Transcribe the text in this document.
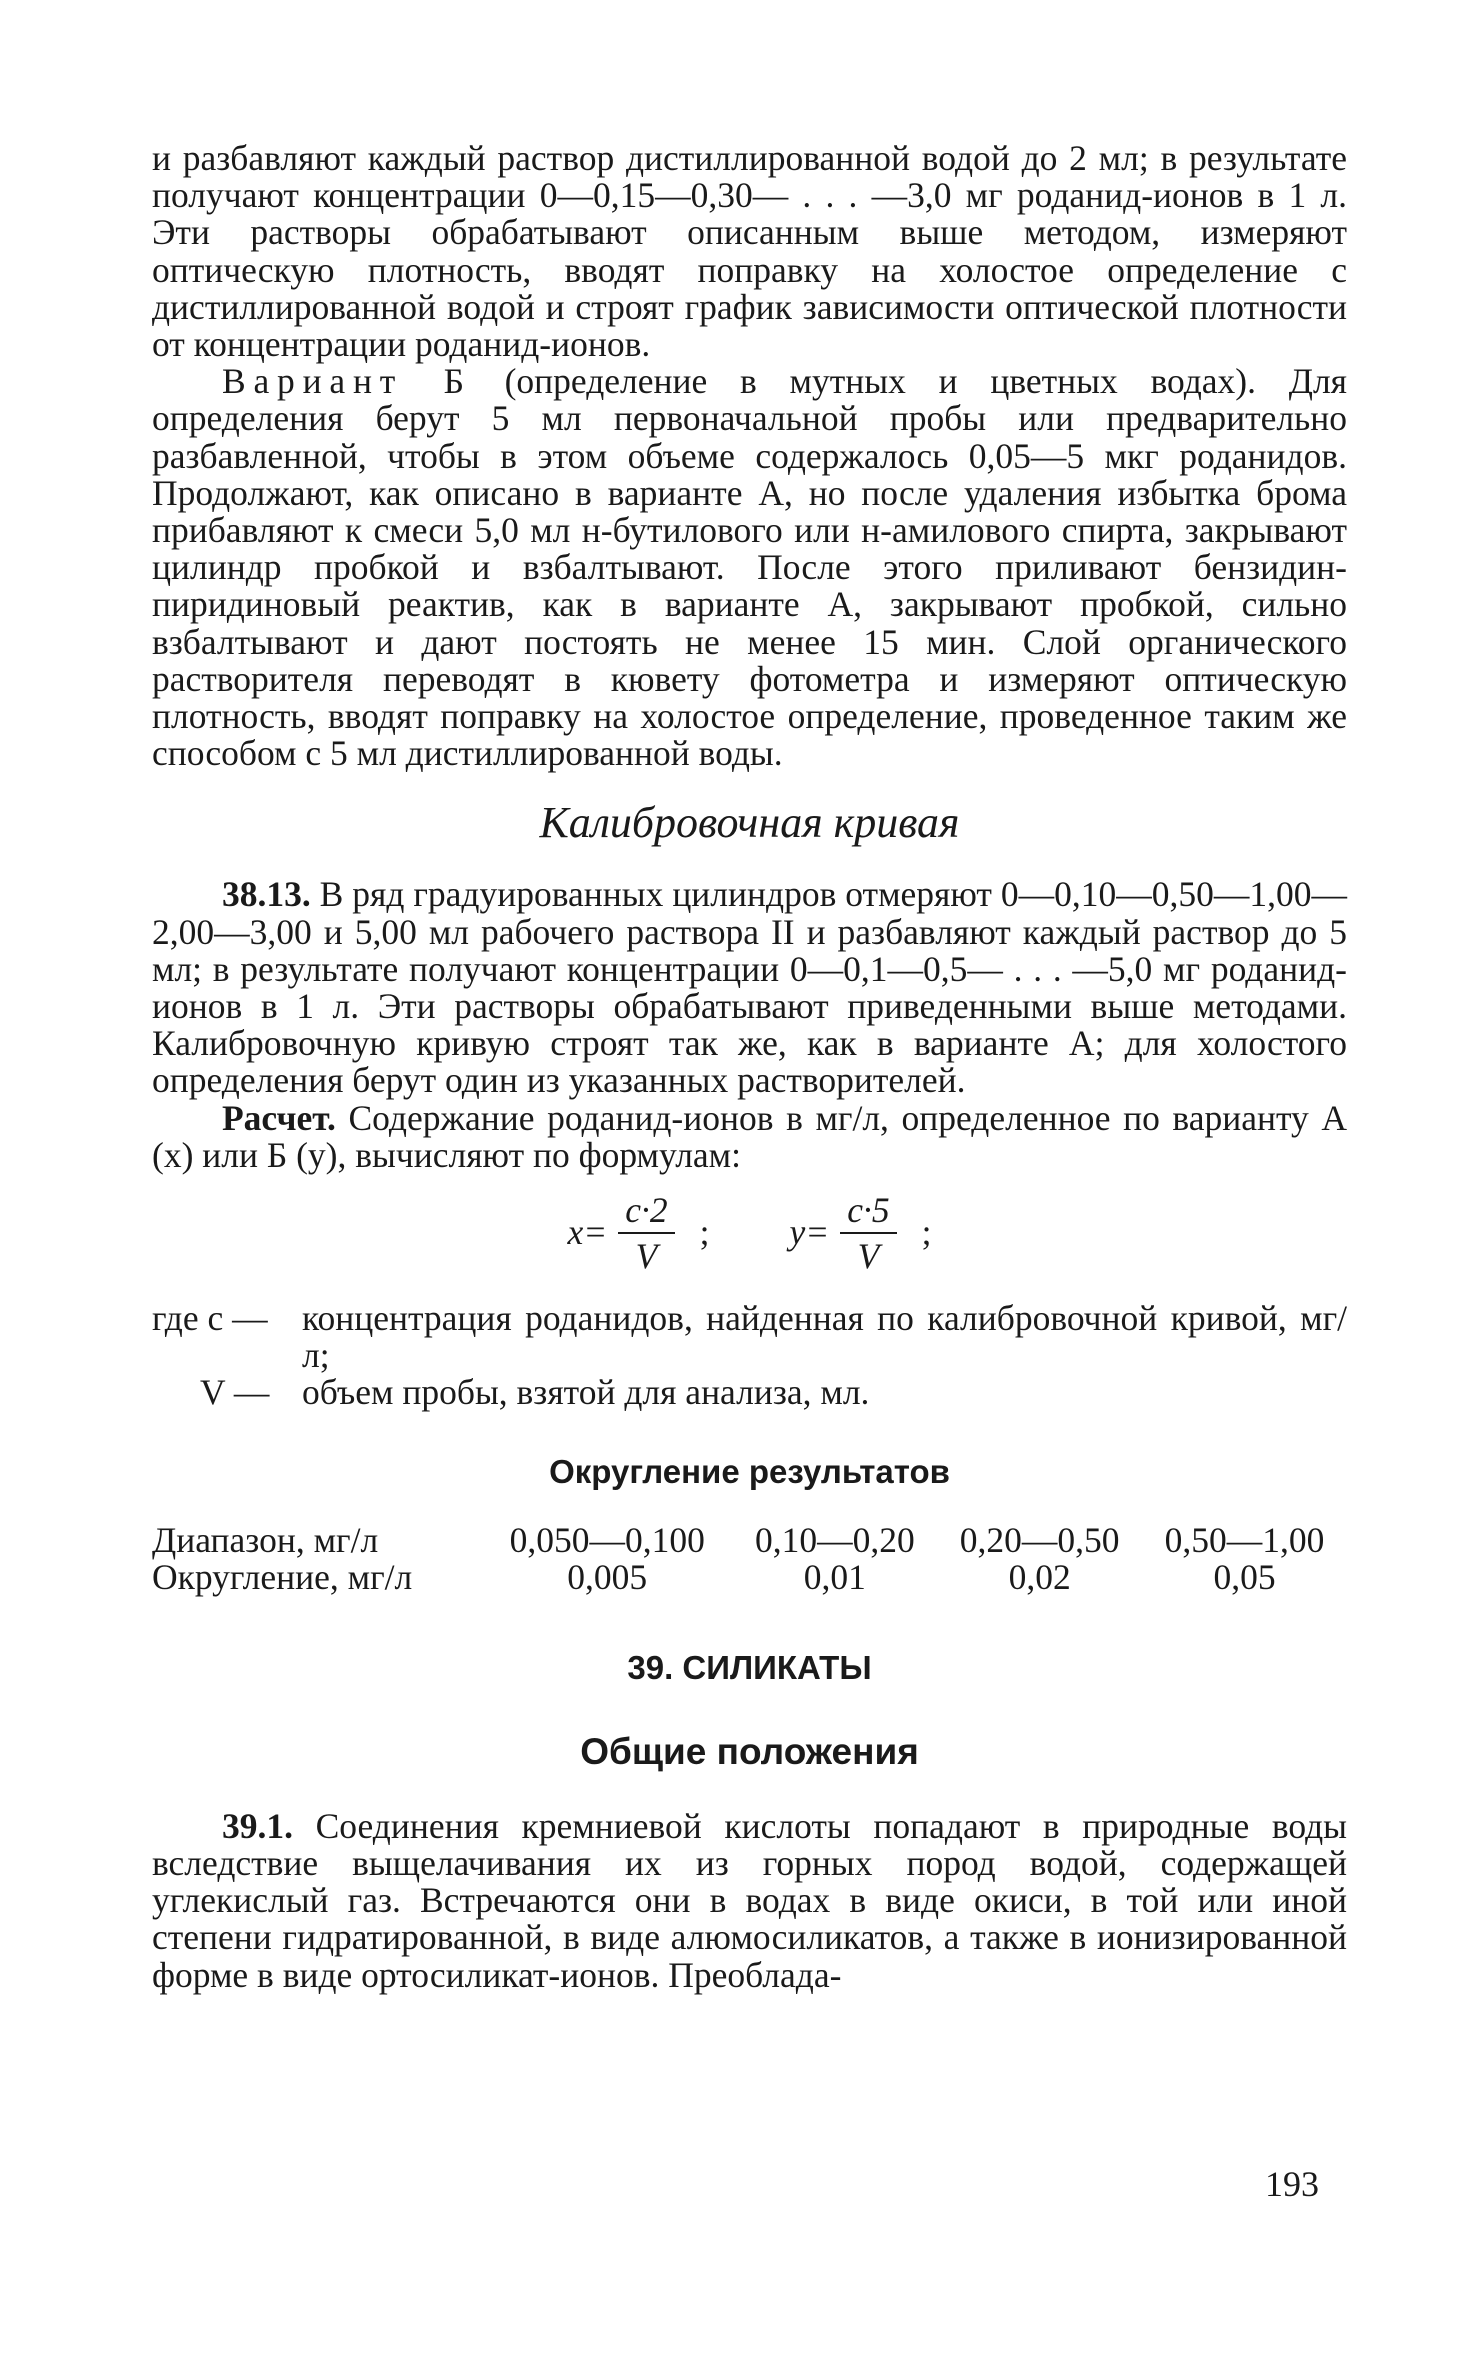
и разбавляют каждый раствор дистиллированной водой до 2 мл; в результате получают концентрации 0—0,15—0,30— . . . —3,0 мг роданид-ионов в 1 л. Эти растворы обрабатывают описанным выше методом, измеряют оптическую плотность, вводят поправку на холостое определение с дистиллированной водой и строят график зависимости оптической плотности от концентрации роданид-ионов.

Вариант Б (определение в мутных и цветных водах). Для определения берут 5 мл первоначальной пробы или предварительно разбавленной, чтобы в этом объеме содержалось 0,05—5 мкг роданидов. Продолжают, как описано в варианте А, но после удаления избытка брома прибавляют к смеси 5,0 мл н-бутилового или н-амилового спирта, закрывают цилиндр пробкой и взбалтывают. После этого приливают бензидин-пиридиновый реактив, как в варианте А, закрывают пробкой, сильно взбалтывают и дают постоять не менее 15 мин. Слой органического растворителя переводят в кювету фотометра и измеряют оптическую плотность, вводят поправку на холостое определение, проведенное таким же способом с 5 мл дистиллированной воды.

Калибровочная кривая

38.13. В ряд градуированных цилиндров отмеряют 0—0,10—0,50—1,00—2,00—3,00 и 5,00 мл рабочего раствора II и разбавляют каждый раствор до 5 мл; в результате получают концентрации 0—0,1—0,5— . . . —5,0 мг роданид-ионов в 1 л. Эти растворы обрабатывают приведенными выше методами. Калибровочную кривую строят так же, как в варианте А; для холостого определения берут один из указанных растворителей.

Расчет. Содержание роданид-ионов в мг/л, определенное по варианту А (x) или Б (y), вычисляют по формулам:

$x= \frac{c\cdot 2}{V}$ ; $y= \frac{c\cdot 5}{V}$ ;
где c — концентрация роданидов, найденная по калибровочной кривой, мг/л;
V — объем пробы, взятой для анализа, мл.
Округление результатов
Диапазон, мг/л	0,050—0,100	0,10—0,20	0,20—0,50	0,50—1,00
Округление, мг/л	0,005	0,01	0,02	0,05
39. СИЛИКАТЫ
Общие положения

39.1. Соединения кремниевой кислоты попадают в природные воды вследствие выщелачивания их из горных пород водой, содержащей углекислый газ. Встречаются они в водах в виде окиси, в той или иной степени гидратированной, в виде алюмосиликатов, а также в ионизированной форме в виде ортосиликат-ионов. Преоблада-

193
